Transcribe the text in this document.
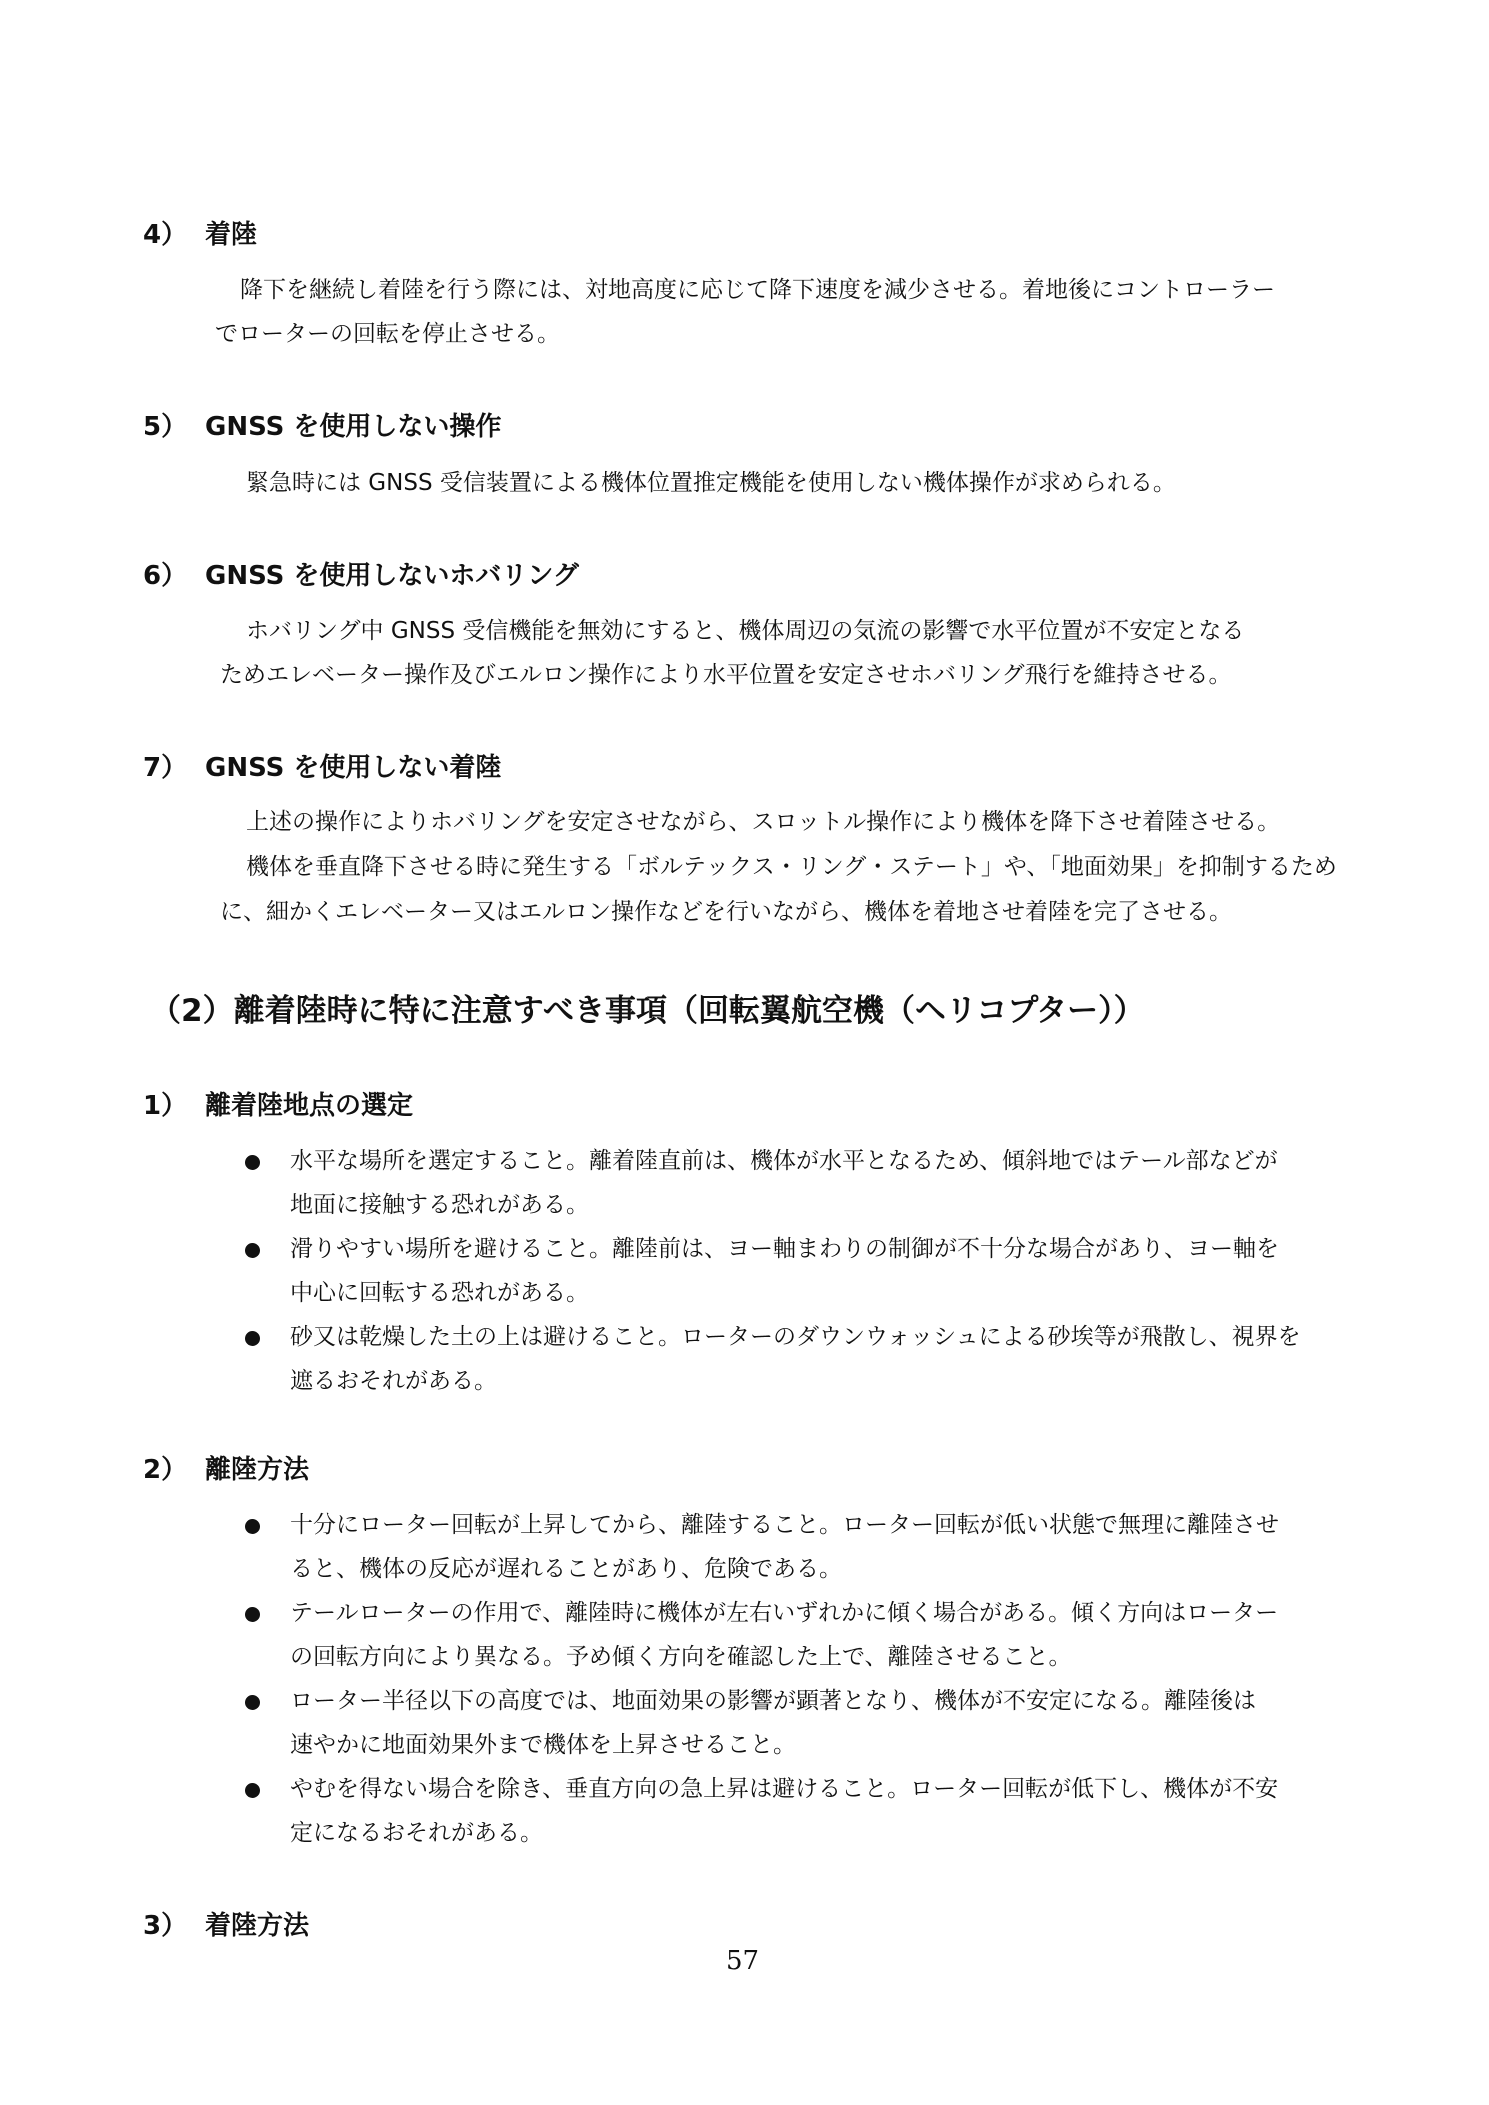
4） 着陸
降下を継続し着陸を行う際には、対地高度に応じて降下速度を減少させる。着地後にコントローラー
でローターの回転を停止させる。
5） GNSS を使用しない操作
緊急時には GNSS 受信装置による機体位置推定機能を使用しない機体操作が求められる。
6） GNSS を使用しないホバリング
ホバリング中 GNSS 受信機能を無効にすると、機体周辺の気流の影響で水平位置が不安定となる
ためエレベーター操作及びエルロン操作により水平位置を安定させホバリング飛行を維持させる。
7） GNSS を使用しない着陸
上述の操作によりホバリングを安定させながら、スロットル操作により機体を降下させ着陸させる。
機体を垂直降下させる時に発生する「ボルテックス・リング・ステート」や、「地面効果」を抑制するため
に、細かくエレベーター又はエルロン操作などを行いながら、機体を着地させ着陸を完了させる。
（2）離着陸時に特に注意すべき事項（回転翼航空機（ヘリコプター））
1） 離着陸地点の選定
水平な場所を選定すること。離着陸直前は、機体が水平となるため、傾斜地ではテール部などが
地面に接触する恐れがある。
滑りやすい場所を避けること。離陸前は、ヨー軸まわりの制御が不十分な場合があり、ヨー軸を
中心に回転する恐れがある。
砂又は乾燥した土の上は避けること。ローターのダウンウォッシュによる砂埃等が飛散し、視界を
遮るおそれがある。
2） 離陸方法
十分にローター回転が上昇してから、離陸すること。ローター回転が低い状態で無理に離陸させ
ると、機体の反応が遅れることがあり、危険である。
テールローターの作用で、離陸時に機体が左右いずれかに傾く場合がある。傾く方向はローター
の回転方向により異なる。予め傾く方向を確認した上で、離陸させること。
ローター半径以下の高度では、地面効果の影響が顕著となり、機体が不安定になる。離陸後は
速やかに地面効果外まで機体を上昇させること。
やむを得ない場合を除き、垂直方向の急上昇は避けること。ローター回転が低下し、機体が不安
定になるおそれがある。
3） 着陸方法
57
